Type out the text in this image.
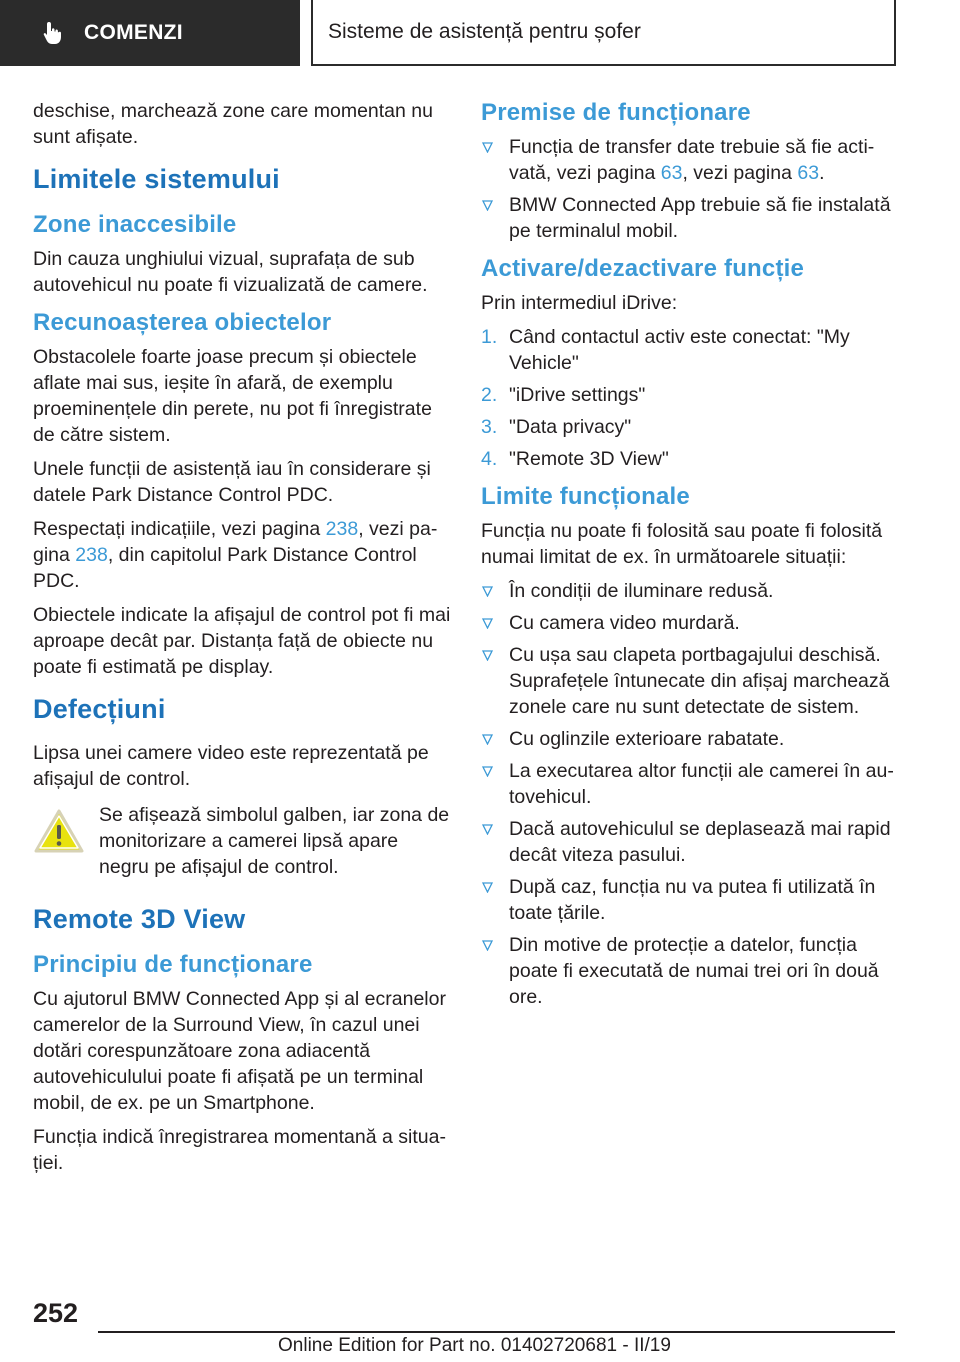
COMENZI	Sisteme de asistență pentru șofer

deschise, marchează zone care momentan nu sunt afișate.

Limitele sistemului
Zone inaccesibile

Din cauza unghiului vizual, suprafața de sub autovehicul nu poate fi vizualizată de camere.

Recunoașterea obiectelor

Obstacolele foarte joase precum și obiectele aflate mai sus, ieșite în afară, de exemplu proeminențele din perete, nu pot fi înregistrate de către sistem.

Unele funcții de asistență iau în considerare și datele Park Distance Control PDC.

Respectați indicațiile, vezi pagina 238, vezi pagina 238, din capitolul Park Distance Control PDC.

Obiectele indicate la afișajul de control pot fi mai aproape decât par. Distanța față de obiecte nu poate fi estimată pe display.

Defecțiuni

Lipsa unei camere video este reprezentată pe afișajul de control.

Se afișează simbolul galben, iar zona de monitorizare a camerei lipsă apare negru pe afișajul de control.

Remote 3D View
Principiu de funcționare

Cu ajutorul BMW Connected App și al ecranelor camerelor de la Surround View, în cazul unei dotări corespunzătoare zona adiacentă autovehiculului poate fi afișată pe un terminal mobil, de ex. pe un Smartphone.

Funcția indică înregistrarea momentană a situației.

Premise de funcționare
Funcția de transfer date trebuie să fie activată, vezi pagina 63, vezi pagina 63.
BMW Connected App trebuie să fie instalată pe terminalul mobil.
Activare/dezactivare funcție

Prin intermediul iDrive:

1. Când contactul activ este conectat: "My Vehicle"
2. "iDrive settings"
3. "Data privacy"
4. "Remote 3D View"
Limite funcționale

Funcția nu poate fi folosită sau poate fi folosită numai limitat de ex. în următoarele situații:

În condiții de iluminare redusă.
Cu camera video murdară.
Cu ușa sau clapeta portbagajului deschisă. Suprafețele întunecate din afișaj marchează zonele care nu sunt detectate de sistem.
Cu oglinzile exterioare rabatate.
La executarea altor funcții ale camerei în autovehicul.
Dacă autovehiculul se deplasează mai rapid decât viteza pasului.
După caz, funcția nu va putea fi utilizată în toate țările.
Din motive de protecție a datelor, funcția poate fi executată de numai trei ori în două ore.
252
Online Edition for Part no. 01402720681 - II/19
